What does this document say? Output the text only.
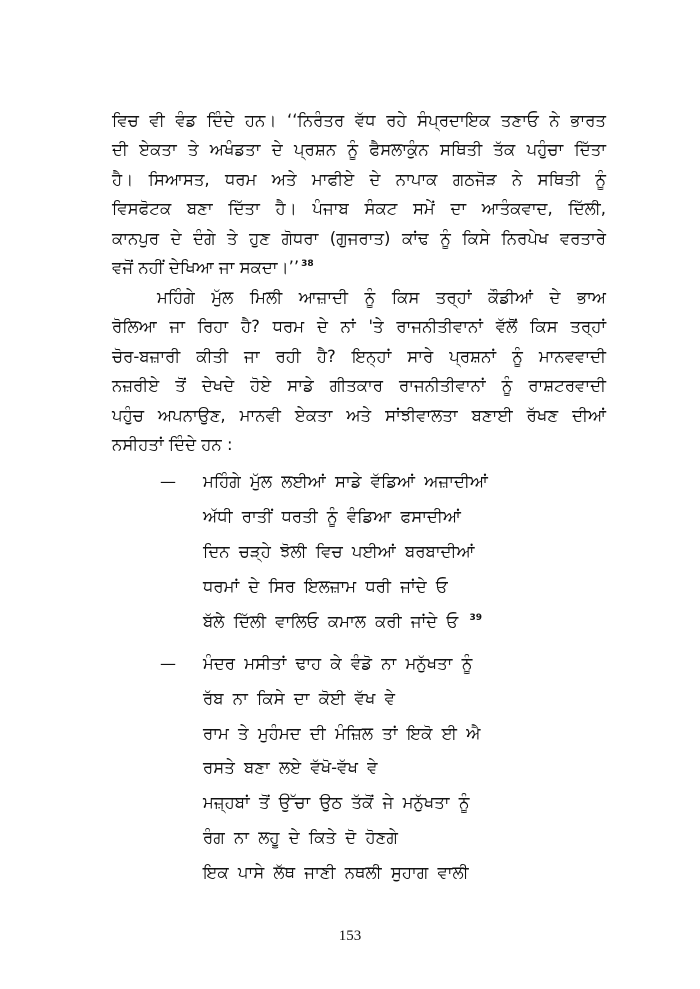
ਵਿਚ ਵੀ ਵੰਡ ਦਿੰਦੇ ਹਨ। ‘‘ਨਿਰੰਤਰ ਵੱਧ ਰਹੇ ਸੰਪ੍ਰਦਾਇਕ ਤਣਾਓ ਨੇ ਭਾਰਤ
ਦੀ ਏਕਤਾ ਤੇ ਅਖੰਡਤਾ ਦੇ ਪ੍ਰਸ਼ਨ ਨੂੰ ਫੈਸਲਾਕੁੰਨ ਸਥਿਤੀ ਤੱਕ ਪਹੁੰਚਾ ਦਿੱਤਾ
ਹੈ। ਸਿਆਸਤ, ਧਰਮ ਅਤੇ ਮਾਫੀਏ ਦੇ ਨਾਪਾਕ ਗਠਜੋੜ ਨੇ ਸਥਿਤੀ ਨੂੰ
ਵਿਸਫੋਟਕ ਬਣਾ ਦਿੱਤਾ ਹੈ। ਪੰਜਾਬ ਸੰਕਟ ਸਮੇਂ ਦਾ ਆਤੰਕਵਾਦ, ਦਿੱਲੀ,
ਕਾਨਪੁਰ ਦੇ ਦੰਗੇ ਤੇ ਹੁਣ ਗੋਧਰਾ (ਗੁਜਰਾਤ) ਕਾਂਢ ਨੂੰ ਕਿਸੇ ਨਿਰਪੇਖ ਵਰਤਾਰੇ
ਵਜੋਂ ਨਹੀਂ ਦੇਖਿਆ ਜਾ ਸਕਦਾ।’’ $^{38}$
ਮਹਿੰਗੇ ਮੁੱਲ ਮਿਲੀ ਆਜ਼ਾਦੀ ਨੂੰ ਕਿਸ ਤਰ੍ਹਾਂ ਕੌਡੀਆਂ ਦੇ ਭਾਅ
ਰੋਲਿਆ ਜਾ ਰਿਹਾ ਹੈ? ਧਰਮ ਦੇ ਨਾਂ 'ਤੇ ਰਾਜਨੀਤੀਵਾਨਾਂ ਵੱਲੋਂ ਕਿਸ ਤਰ੍ਹਾਂ
ਚੋਰ-ਬਜ਼ਾਰੀ ਕੀਤੀ ਜਾ ਰਹੀ ਹੈ? ਇਨ੍ਹਾਂ ਸਾਰੇ ਪ੍ਰਸ਼ਨਾਂ ਨੂੰ ਮਾਨਵਵਾਦੀ
ਨਜ਼ਰੀਏ ਤੋਂ ਦੇਖਦੇ ਹੋਏ ਸਾਡੇ ਗੀਤਕਾਰ ਰਾਜਨੀਤੀਵਾਨਾਂ ਨੂੰ ਰਾਸ਼ਟਰਵਾਦੀ
ਪਹੁੰਚ ਅਪਨਾਉਣ, ਮਾਨਵੀ ਏਕਤਾ ਅਤੇ ਸਾਂਝੀਵਾਲਤਾ ਬਣਾਈ ਰੱਖਣ ਦੀਆਂ
ਨਸੀਹਤਾਂ ਦਿੰਦੇ ਹਨ :
— ਮਹਿੰਗੇ ਮੁੱਲ ਲਈਆਂ ਸਾਡੇ ਵੱਡਿਆਂ ਅਜ਼ਾਦੀਆਂ
ਅੱਧੀ ਰਾਤੀਂ ਧਰਤੀ ਨੂੰ ਵੰਡਿਆ ਫਸਾਦੀਆਂ
ਦਿਨ ਚੜ੍ਹੇ ਝੋਲੀ ਵਿਚ ਪਈਆਂ ਬਰਬਾਦੀਆਂ
ਧਰਮਾਂ ਦੇ ਸਿਰ ਇਲਜ਼ਾਮ ਧਰੀ ਜਾਂਦੇ ਓ
ਬੱਲੇ ਦਿੱਲੀ ਵਾਲਿਓ ਕਮਾਲ ਕਰੀ ਜਾਂਦੇ ਓ $^{39}$
— ਮੰਦਰ ਮਸੀਤਾਂ ਢਾਹ ਕੇ ਵੰਡੋ ਨਾ ਮਨੁੱਖਤਾ ਨੂੰ
ਰੱਬ ਨਾ ਕਿਸੇ ਦਾ ਕੋਈ ਵੱਖ ਵੇ
ਰਾਮ ਤੇ ਮੁਹੰਮਦ ਦੀ ਮੰਜ਼ਿਲ ਤਾਂ ਇਕੋ ਈ ਐ
ਰਸਤੇ ਬਣਾ ਲਏ ਵੱਖੋ-ਵੱਖ ਵੇ
ਮਜ਼੍ਹਬਾਂ ਤੋਂ ਉੱਚਾ ਉਠ ਤੱਕੋਂ ਜੇ ਮਨੁੱਖਤਾ ਨੂੰ
ਰੰਗ ਨਾ ਲਹੂ ਦੇ ਕਿਤੇ ਦੋ ਹੋਣਗੇ
ਇਕ ਪਾਸੇ ਲੱਥ ਜਾਣੀ ਨਥਲੀ ਸੁਹਾਗ ਵਾਲੀ
153
